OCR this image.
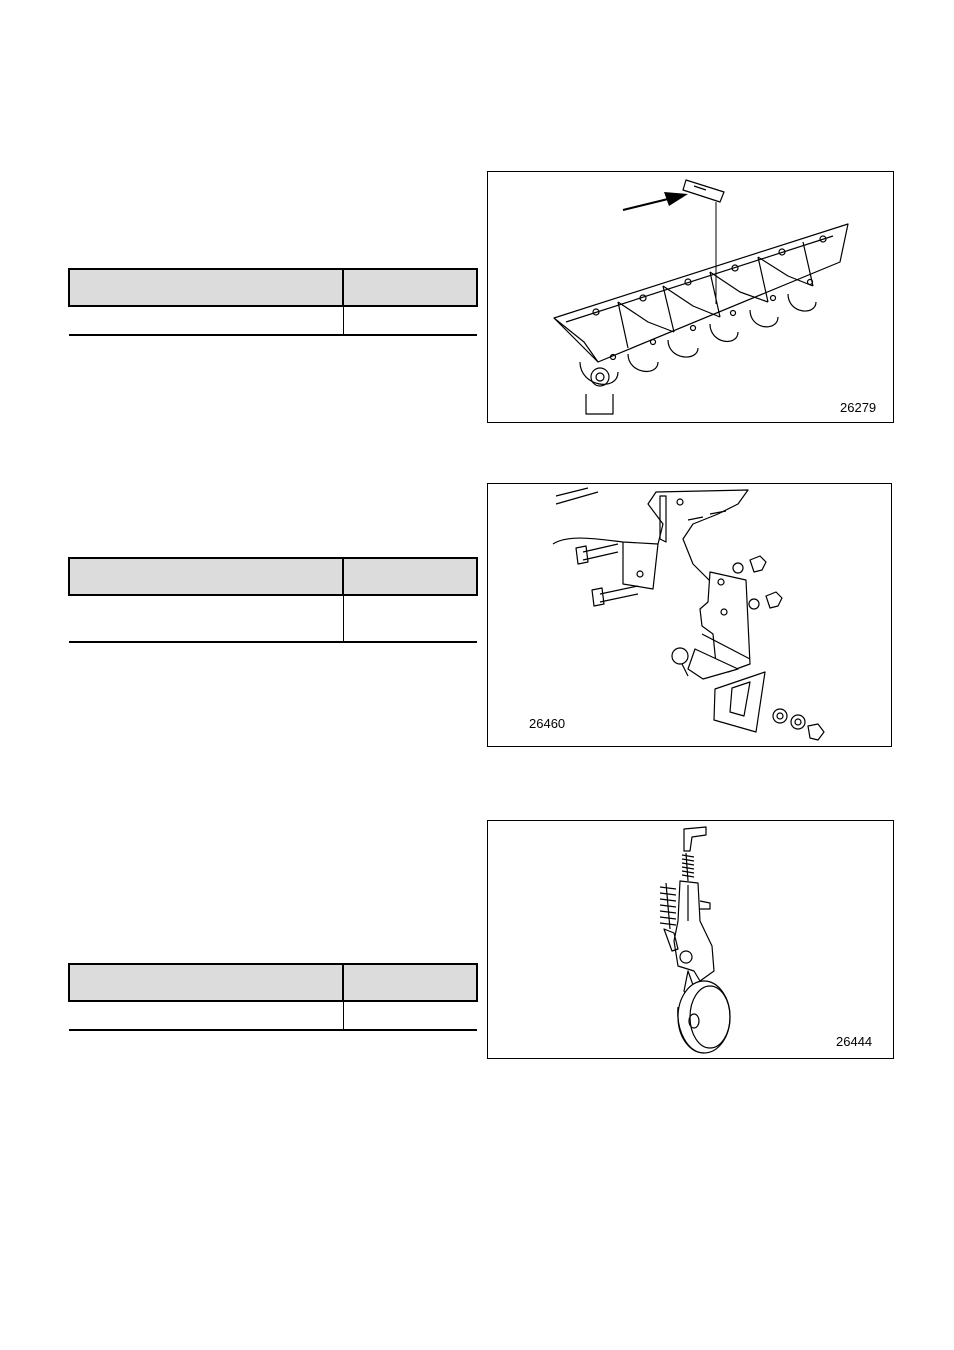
26279
26460
26444
